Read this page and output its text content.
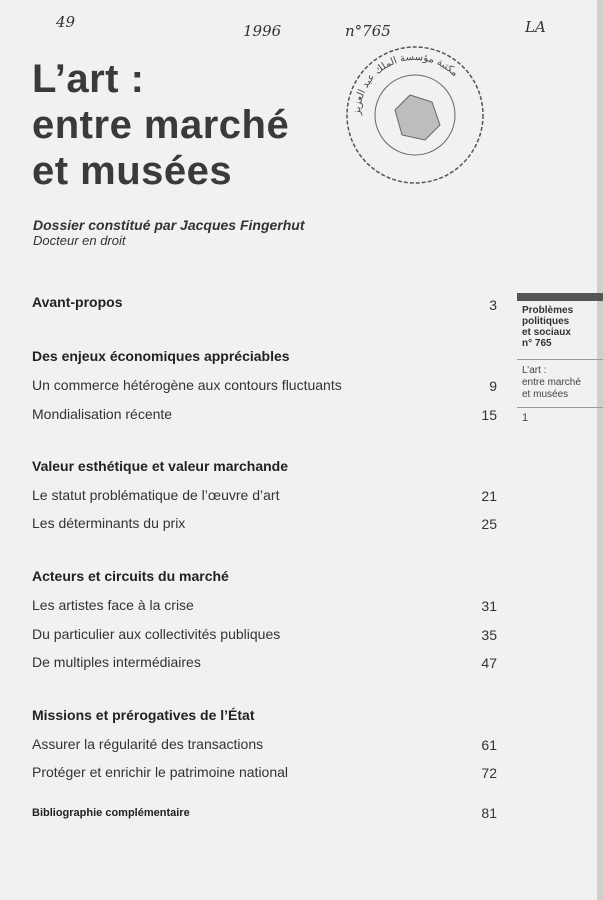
49	1996	n°765	LA
مكتبة مؤسسة الملك عبد العزيز
L’art :
entre marché
et musées
Dossier constitué par Jacques Fingerhut
Docteur en droit
Avant-propos	3
Des enjeux économiques appréciables
Un commerce hétérogène aux contours fluctuants	9
Mondialisation récente	15
Valeur esthétique et valeur marchande
Le statut problématique de l’œuvre d’art	21
Les déterminants du prix	25
Acteurs et circuits du marché
Les artistes face à la crise	31
Du particulier aux collectivités publiques	35
De multiples intermédiaires	47
Missions et prérogatives de l’État
Assurer la régularité des transactions	61
Protéger et enrichir le patrimoine national	72
Bibliographie complémentaire	81
Problèmes
politiques
et sociaux
n° 765
L’art :
entre marché
et musées
1
